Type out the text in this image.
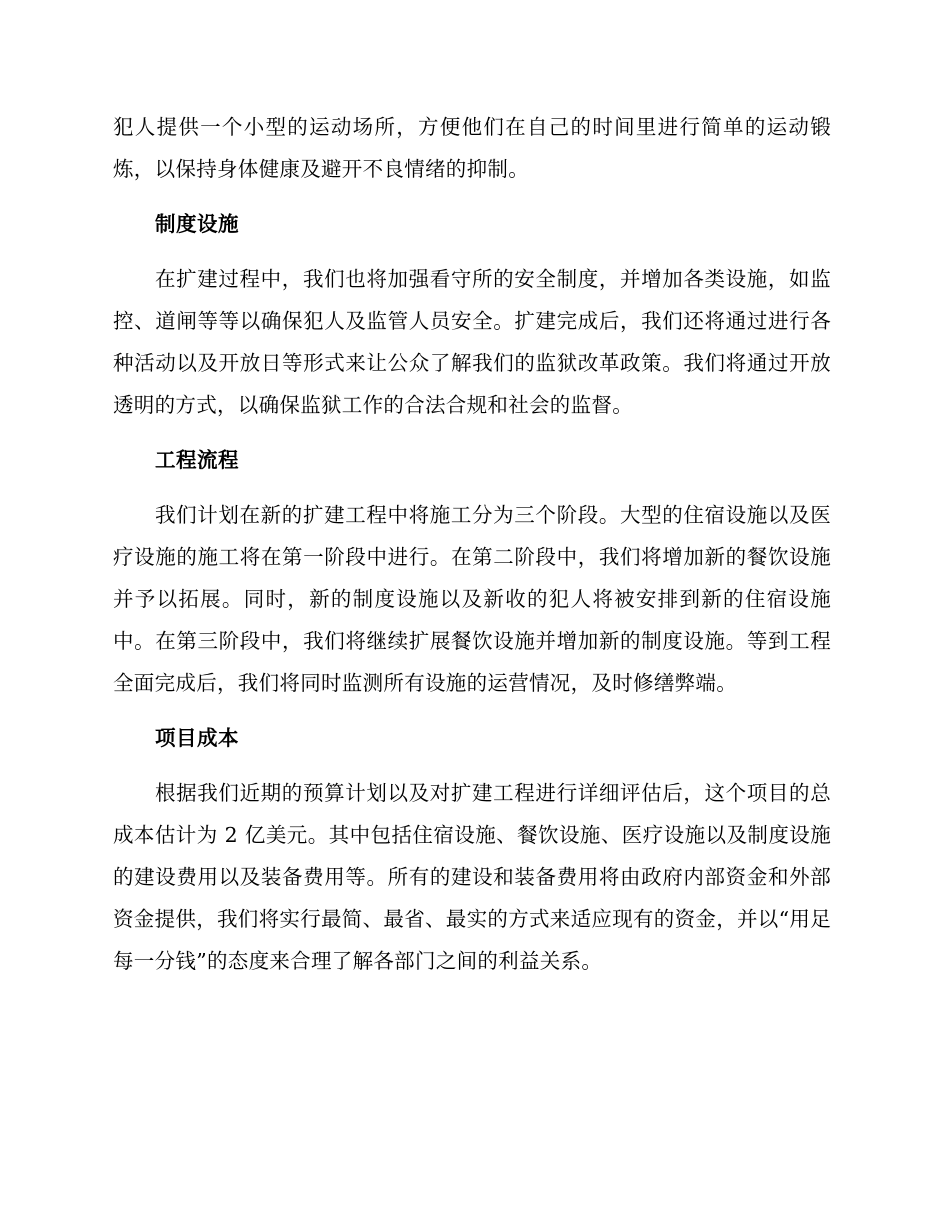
犯人提供一个小型的运动场所，方便他们在自己的时间里进行简单的运动锻炼，以保持身体健康及避开不良情绪的抑制。

制度设施

在扩建过程中，我们也将加强看守所的安全制度，并增加各类设施，如监控、道闸等等以确保犯人及监管人员安全。扩建完成后，我们还将通过进行各种活动以及开放日等形式来让公众了解我们的监狱改革政策。我们将通过开放透明的方式，以确保监狱工作的合法合规和社会的监督。

工程流程

我们计划在新的扩建工程中将施工分为三个阶段。大型的住宿设施以及医疗设施的施工将在第一阶段中进行。在第二阶段中，我们将增加新的餐饮设施并予以拓展。同时，新的制度设施以及新收的犯人将被安排到新的住宿设施中。在第三阶段中，我们将继续扩展餐饮设施并增加新的制度设施。等到工程全面完成后，我们将同时监测所有设施的运营情况，及时修缮弊端。

项目成本

根据我们近期的预算计划以及对扩建工程进行详细评估后，这个项目的总成本估计为 2 亿美元。其中包括住宿设施、餐饮设施、医疗设施以及制度设施的建设费用以及装备费用等。所有的建设和装备费用将由政府内部资金和外部资金提供，我们将实行最简、最省、最实的方式来适应现有的资金，并以“用足每一分钱”的态度来合理了解各部门之间的利益关系。
